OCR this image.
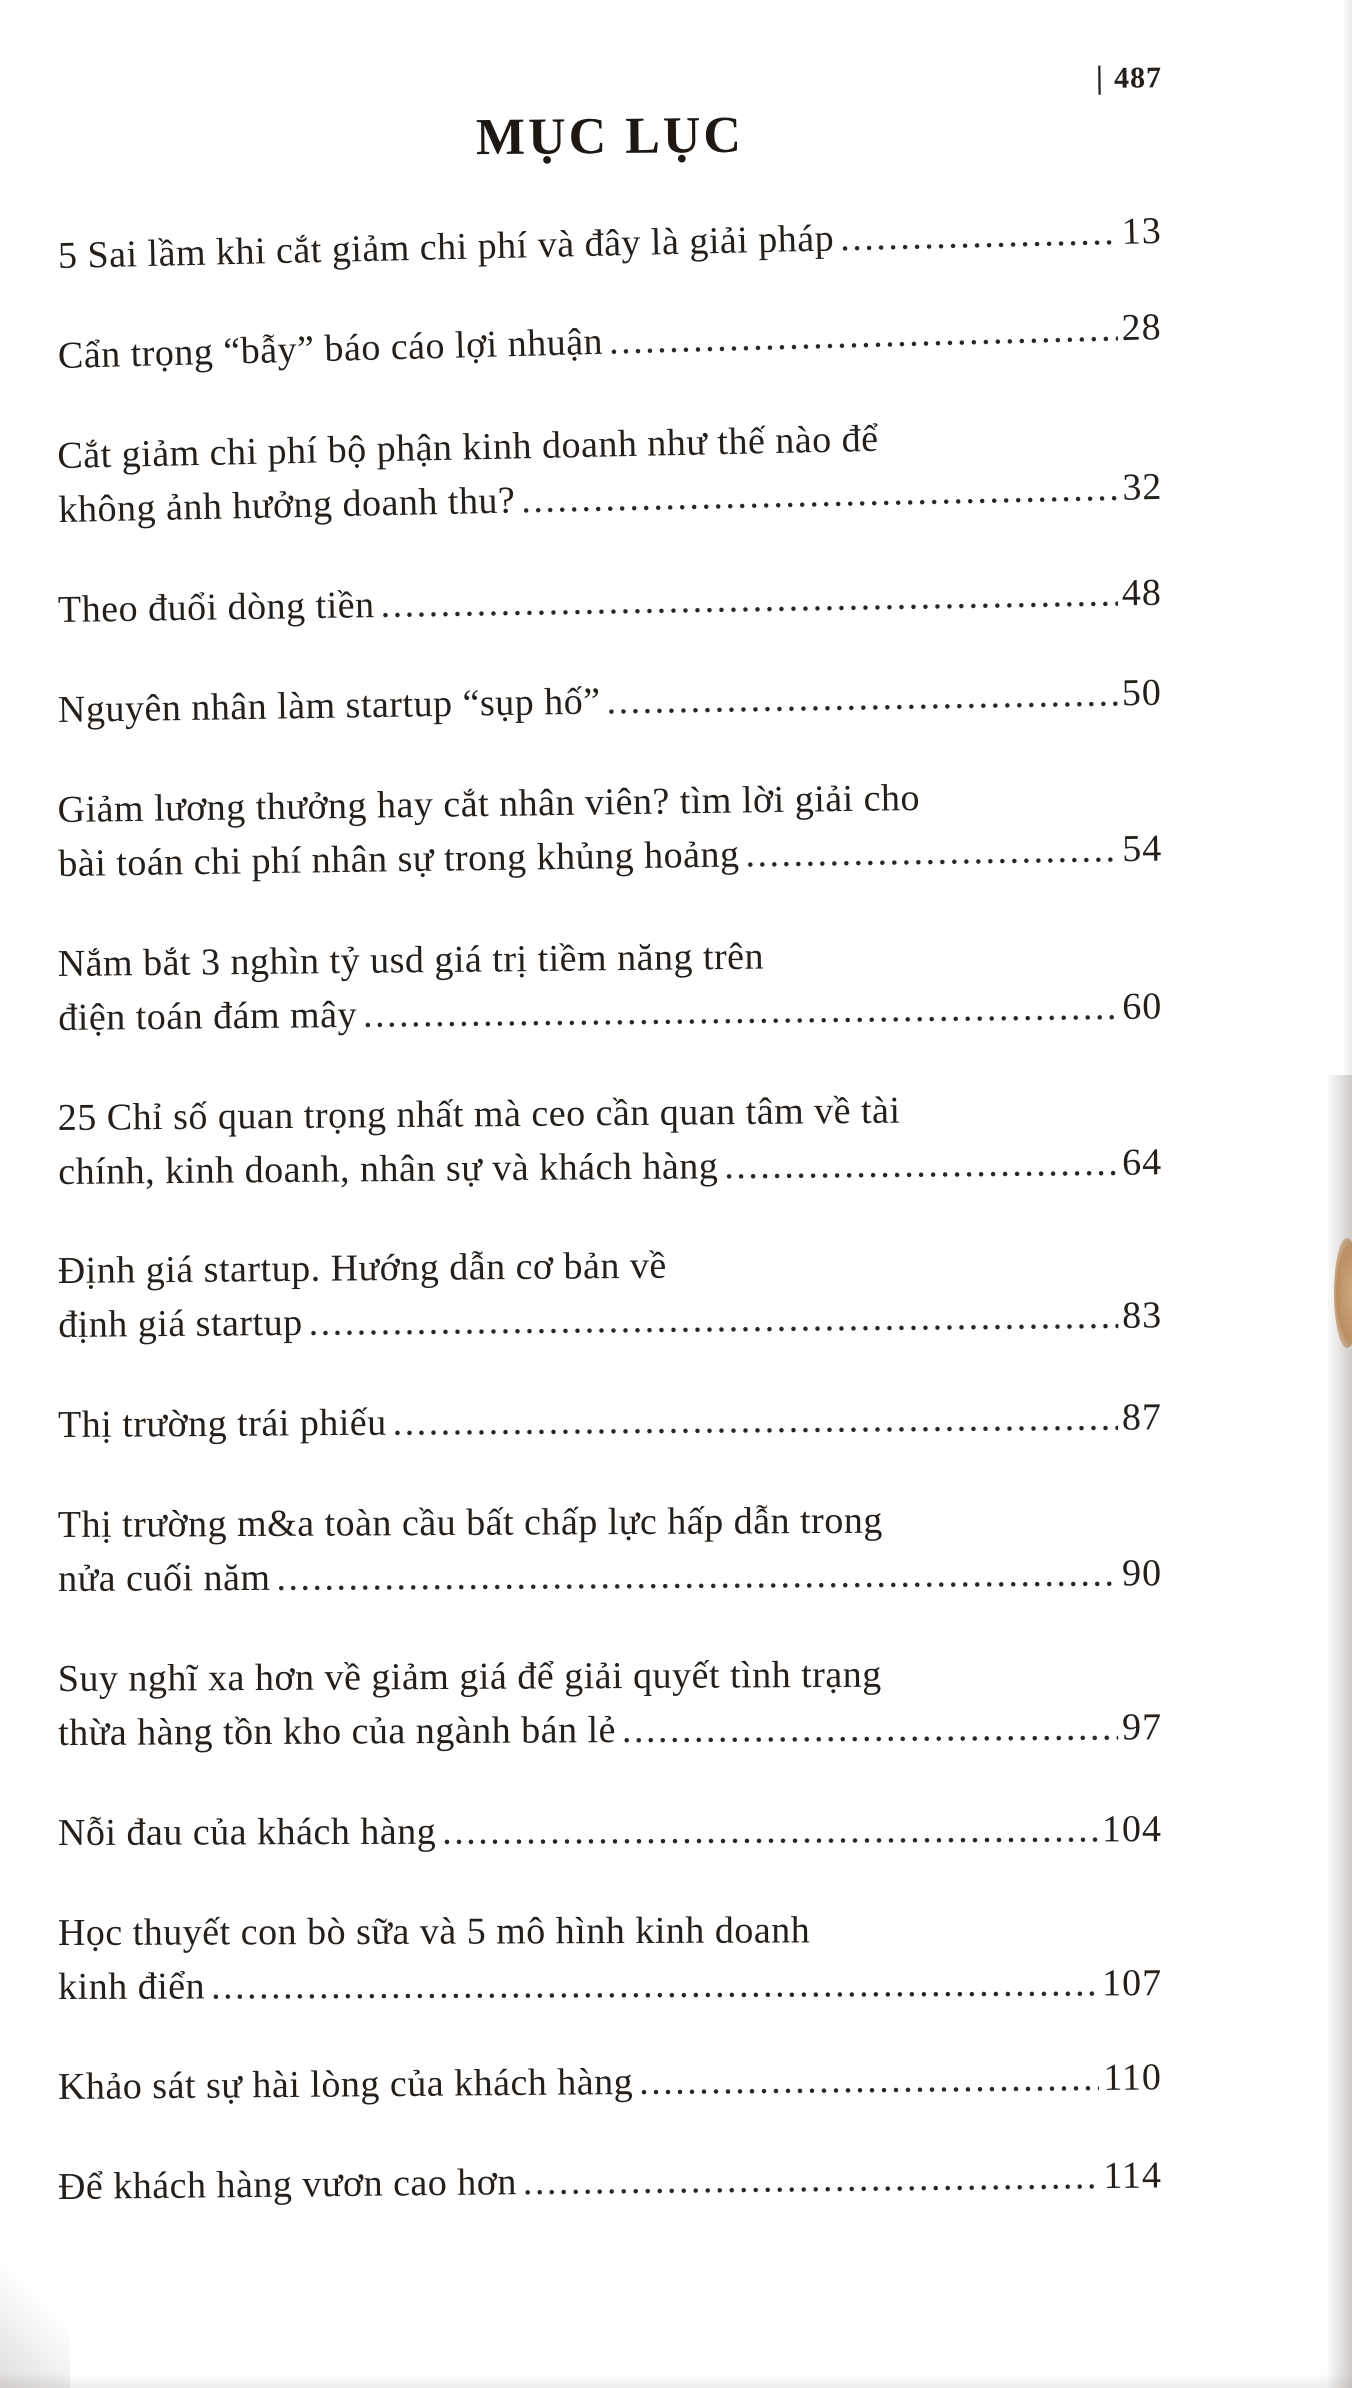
| 487
MỤC LỤC
5 Sai lầm khi cắt giảm chi phí và đây là giải pháp .....	13
Cẩn trọng “bẫy” báo cáo lợi nhuận .....	28
Cắt giảm chi phí bộ phận kinh doanh như thế nào để
không ảnh hưởng doanh thu? .....	32
Theo đuổi dòng tiền .....	48
Nguyên nhân làm startup “sụp hố” .....	50
Giảm lương thưởng hay cắt nhân viên? tìm lời giải cho
bài toán chi phí nhân sự trong khủng hoảng .....	54
Nắm bắt 3 nghìn tỷ usd giá trị tiềm năng trên
điện toán đám mây .....	60
25 Chỉ số quan trọng nhất mà ceo cần quan tâm về tài
chính, kinh doanh, nhân sự và khách hàng .....	64
Định giá startup. Hướng dẫn cơ bản về
định giá startup .....	83
Thị trường trái phiếu .....	87
Thị trường m&a toàn cầu bất chấp lực hấp dẫn trong
nửa cuối năm .....	90
Suy nghĩ xa hơn về giảm giá để giải quyết tình trạng
thừa hàng tồn kho của ngành bán lẻ .....	97
Nỗi đau của khách hàng .....	104
Học thuyết con bò sữa và 5 mô hình kinh doanh
kinh điển .....	107
Khảo sát sự hài lòng của khách hàng .....	110
Để khách hàng vươn cao hơn .....	114
